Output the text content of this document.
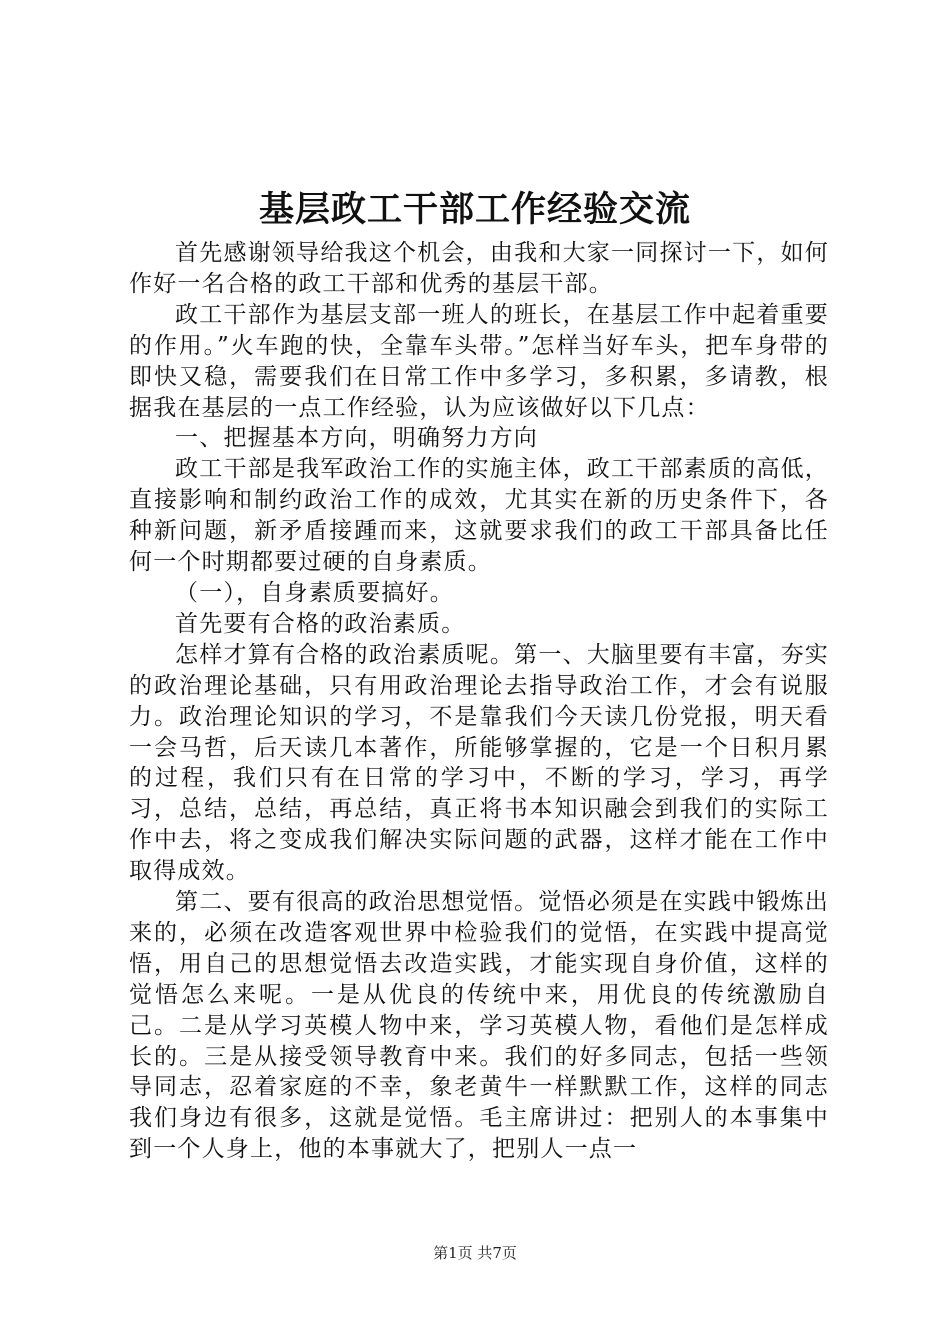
基层政工干部工作经验交流

首先感谢领导给我这个机会，由我和大家一同探讨一下，如何作好一名合格的政工干部和优秀的基层干部。

政工干部作为基层支部一班人的班长，在基层工作中起着重要的作用。”火车跑的快，全靠车头带。”怎样当好车头，把车身带的即快又稳，需要我们在日常工作中多学习，多积累，多请教，根据我在基层的一点工作经验，认为应该做好以下几点：

一、把握基本方向，明确努力方向

政工干部是我军政治工作的实施主体，政工干部素质的高低，直接影响和制约政治工作的成效，尤其实在新的历史条件下，各种新问题，新矛盾接踵而来，这就要求我们的政工干部具备比任何一个时期都要过硬的自身素质。

（一），自身素质要搞好。

首先要有合格的政治素质。

怎样才算有合格的政治素质呢。第一、大脑里要有丰富，夯实的政治理论基础，只有用政治理论去指导政治工作，才会有说服力。政治理论知识的学习，不是靠我们今天读几份党报，明天看一会马哲，后天读几本著作，所能够掌握的，它是一个日积月累的过程，我们只有在日常的学习中，不断的学习，学习，再学习，总结，总结，再总结，真正将书本知识融会到我们的实际工作中去，将之变成我们解决实际问题的武器，这样才能在工作中取得成效。

第二、要有很高的政治思想觉悟。觉悟必须是在实践中锻炼出来的，必须在改造客观世界中检验我们的觉悟，在实践中提高觉悟，用自己的思想觉悟去改造实践，才能实现自身价值，这样的觉悟怎么来呢。一是从优良的传统中来，用优良的传统激励自己。二是从学习英模人物中来，学习英模人物，看他们是怎样成长的。三是从接受领导教育中来。我们的好多同志，包括一些领导同志，忍着家庭的不幸，象老黄牛一样默默工作，这样的同志我们身边有很多，这就是觉悟。毛主席讲过：把别人的本事集中到一个人身上，他的本事就大了，把别人一点一

第1页 共7页
